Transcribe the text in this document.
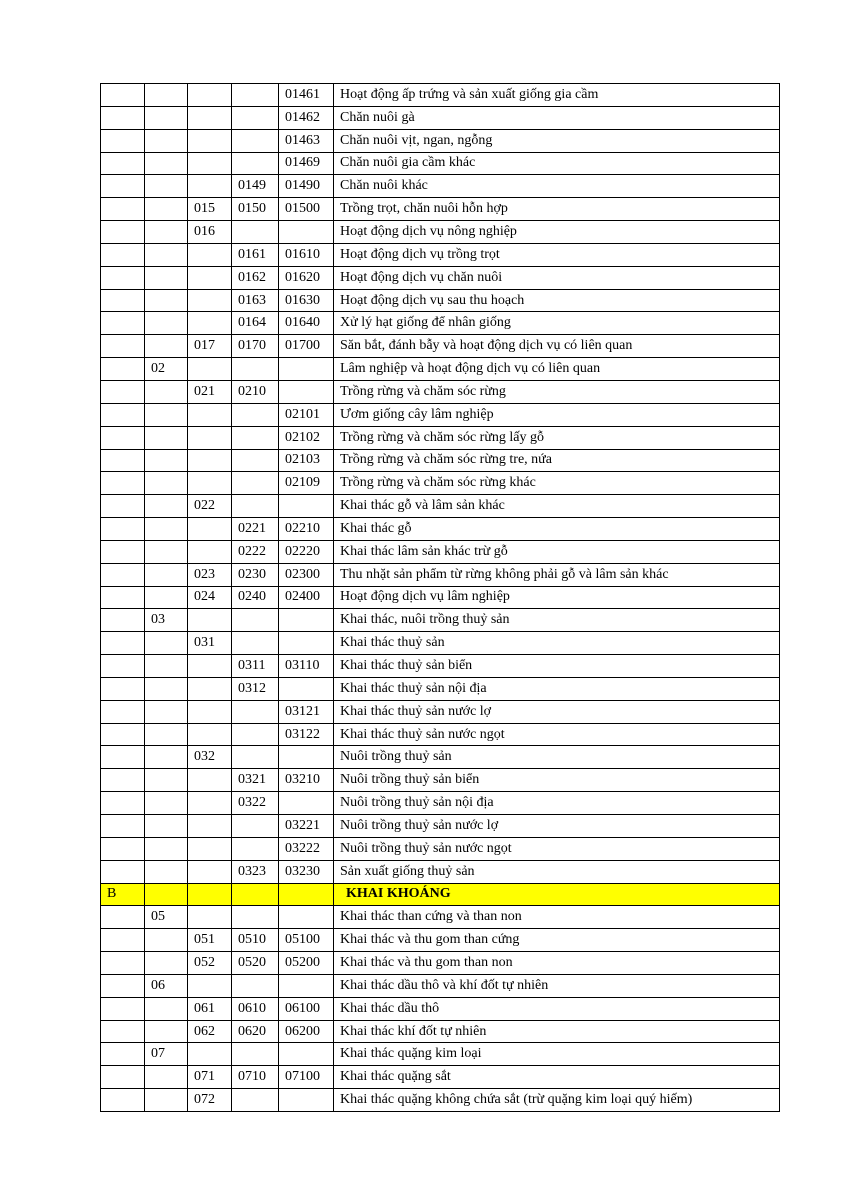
				01461	Hoạt động ấp trứng và sản xuất giống gia cầm
				01462	Chăn nuôi gà
				01463	Chăn nuôi vịt, ngan, ngỗng
				01469	Chăn nuôi gia cầm khác
			0149	01490	Chăn nuôi khác
		015	0150	01500	Trồng trọt, chăn nuôi hỗn hợp
		016			Hoạt động dịch vụ nông nghiệp
			0161	01610	Hoạt động dịch vụ trồng trọt
			0162	01620	Hoạt động dịch vụ chăn nuôi
			0163	01630	Hoạt động dịch vụ sau thu hoạch
			0164	01640	Xử lý hạt giống để nhân giống
		017	0170	01700	Săn bắt, đánh bẫy và hoạt động dịch vụ có liên quan
	02				Lâm nghiệp và hoạt động dịch vụ có liên quan
		021	0210		Trồng rừng và chăm sóc rừng
				02101	Ươm giống cây lâm nghiệp
				02102	Trồng rừng và chăm sóc rừng lấy gỗ
				02103	Trồng rừng và chăm sóc rừng tre, nứa
				02109	Trồng rừng và chăm sóc rừng khác
		022			Khai thác gỗ và lâm sản khác
			0221	02210	Khai thác gỗ
			0222	02220	Khai thác lâm sản khác trừ gỗ
		023	0230	02300	Thu nhặt sản phẩm từ rừng không phải gỗ và lâm sản khác
		024	0240	02400	Hoạt động dịch vụ lâm nghiệp
	03				Khai thác, nuôi trồng thuỷ sản
		031			Khai thác thuỷ sản
			0311	03110	Khai thác thuỷ sản biển
			0312		Khai thác thuỷ sản nội địa
				03121	Khai thác thuỷ sản nước lợ
				03122	Khai thác thuỷ sản nước ngọt
		032			Nuôi trồng thuỷ sản
			0321	03210	Nuôi trồng thuỷ sản biển
			0322		Nuôi trồng thuỷ sản nội địa
				03221	Nuôi trồng thuỷ sản nước lợ
				03222	Nuôi trồng thuỷ sản nước ngọt
			0323	03230	Sản xuất giống thuỷ sản
B					KHAI KHOÁNG
	05				Khai thác than cứng và than non
		051	0510	05100	Khai thác và thu gom than cứng
		052	0520	05200	Khai thác và thu gom than non
	06				Khai thác dầu thô và khí đốt tự nhiên
		061	0610	06100	Khai thác dầu thô
		062	0620	06200	Khai thác khí đốt tự nhiên
	07				Khai thác quặng kim loại
		071	0710	07100	Khai thác quặng sắt
		072			Khai thác quặng không chứa sắt (trừ quặng kim loại quý hiếm)
